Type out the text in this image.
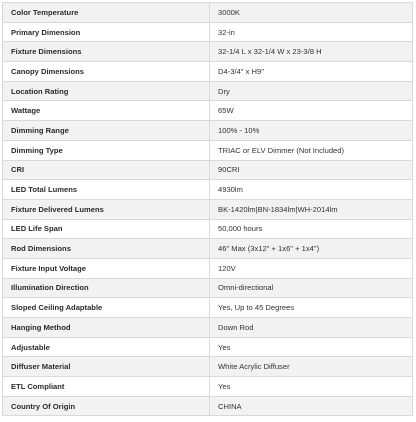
Color Temperature	3000K
Primary Dimension	32-in
Fixture Dimensions	32-1/4 L x 32-1/4 W x 23-3/8 H
Canopy Dimensions	D4-3/4" x H9"
Location Rating	Dry
Wattage	65W
Dimming Range	100% - 10%
Dimming Type	TRIAC or ELV Dimmer (Not Included)
CRI	90CRI
LED Total Lumens	4930lm
Fixture Delivered Lumens	BK-1420lm|BN-1834lm|WH-2014lm
LED Life Span	50,000 hours
Rod Dimensions	46" Max (3x12" + 1x6" + 1x4")
Fixture Input Voltage	120V
Illumination Direction	Omni-directional
Sloped Ceiling Adaptable	Yes, Up to 45 Degrees
Hanging Method	Down Rod
Adjustable	Yes
Diffuser Material	White Acrylic Diffuser
ETL Compliant	Yes
Country Of Origin	CHINA
